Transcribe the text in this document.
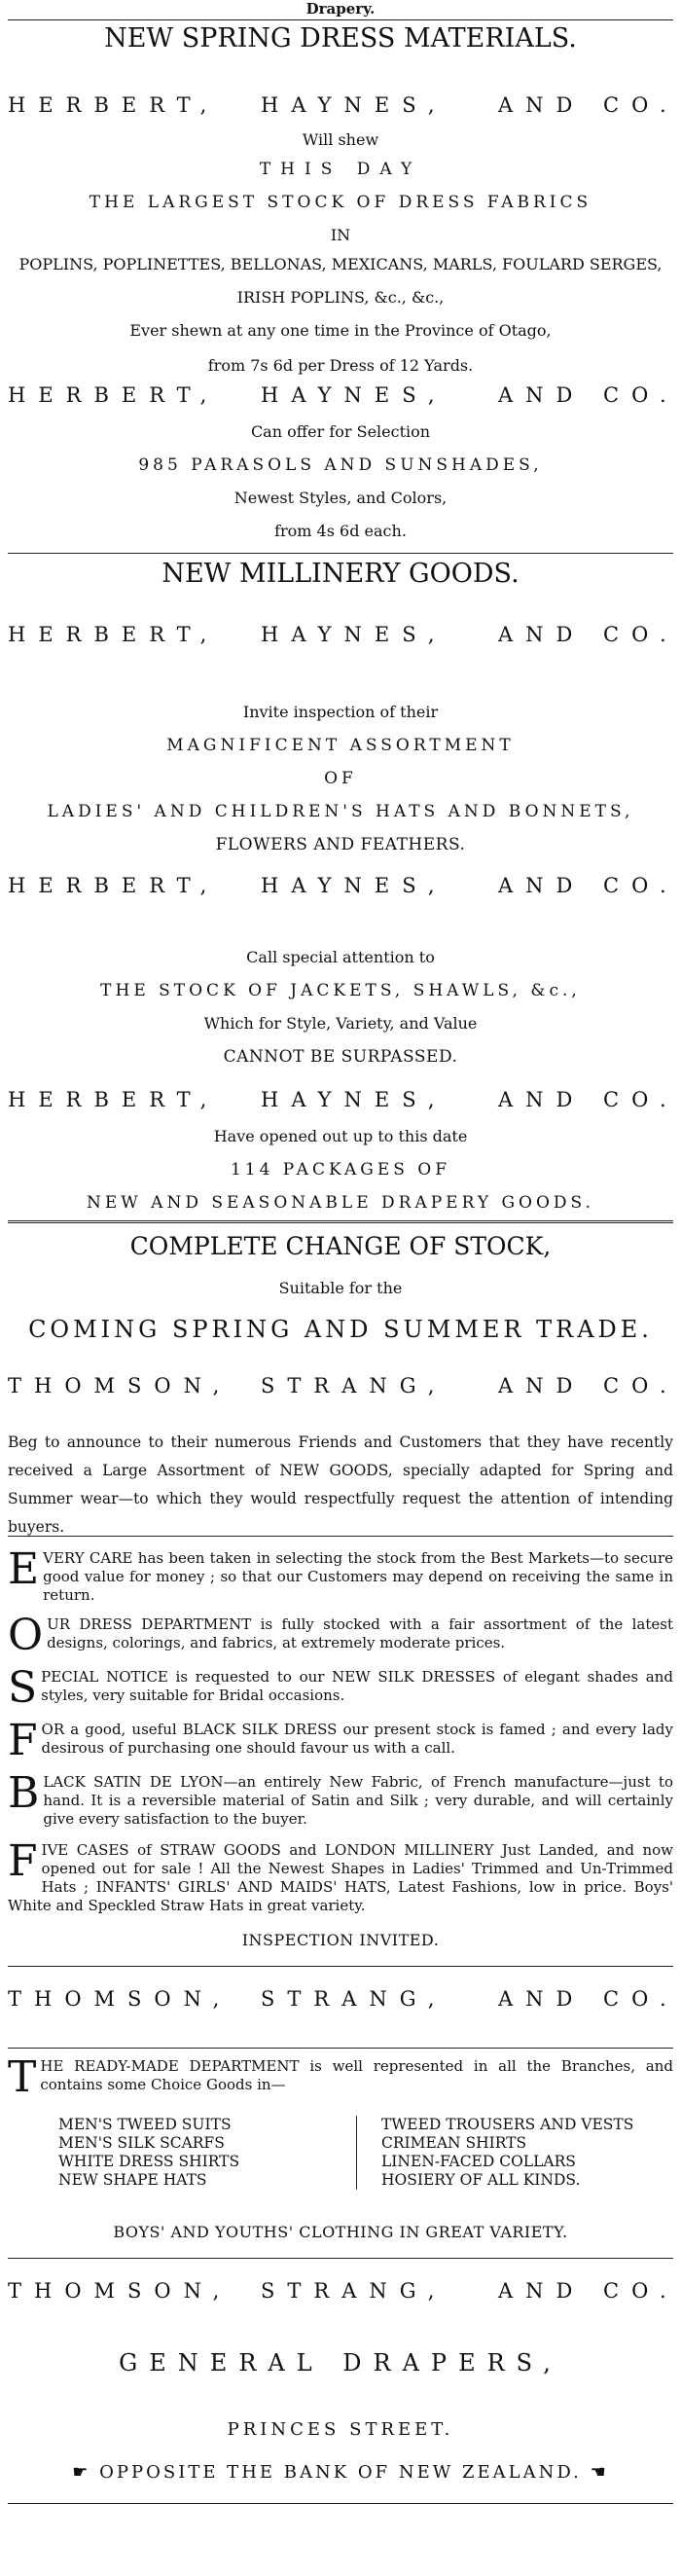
Drapery.
NEW SPRING DRESS MATERIALS.
HERBERT, HAYNES, AND CO.
Will shew
THIS DAY
THE LARGEST STOCK OF DRESS FABRICS
IN
POPLINS, POPLINETTES, BELLONAS, MEXICANS, MARLS, FOULARD SERGES,
IRISH POPLINS, &c., &c.,
Ever shewn at any one time in the Province of Otago,
from 7s 6d per Dress of 12 Yards.
HERBERT, HAYNES, AND CO.
Can offer for Selection
985 PARASOLS AND SUNSHADES,
Newest Styles, and Colors,
from 4s 6d each.
NEW MILLINERY GOODS.
HERBERT, HAYNES, AND CO.
Invite inspection of their
MAGNIFICENT ASSORTMENT
OF
LADIES' AND CHILDREN'S HATS AND BONNETS,
FLOWERS AND FEATHERS.
HERBERT, HAYNES, AND CO.
Call special attention to
THE STOCK OF JACKETS, SHAWLS, &c.,
Which for Style, Variety, and Value
CANNOT BE SURPASSED.
HERBERT, HAYNES, AND CO.
Have opened out up to this date
114 PACKAGES OF
NEW AND SEASONABLE DRAPERY GOODS.
COMPLETE CHANGE OF STOCK,
Suitable for the
COMING SPRING AND SUMMER TRADE.
THOMSON, STRANG,	AND CO.
Beg to announce to their numerous Friends and Customers that they have recently received a Large Assortment of NEW GOODS, specially adapted for Spring and Summer wear—to which they would respectfully request the attention of intending buyers.
EVERY CARE has been taken in selecting the stock from the Best Markets—to secure good value for money ; so that our Customers may depend on receiving the same in return.
OUR DRESS DEPARTMENT is fully stocked with a fair assortment of the latest designs, colorings, and fabrics, at extremely moderate prices.
SPECIAL NOTICE is requested to our NEW SILK DRESSES of elegant shades and styles, very suitable for Bridal occasions.
FOR a good, useful BLACK SILK DRESS our present stock is famed ; and every lady desirous of purchasing one should favour us with a call.
BLACK SATIN DE LYON—an entirely New Fabric, of French manufacture—just to hand. It is a reversible material of Satin and Silk ; very durable, and will certainly give every satisfaction to the buyer.
FIVE CASES of STRAW GOODS and LONDON MILLINERY Just Landed, and now opened out for sale ! All the Newest Shapes in Ladies' Trimmed and Un-Trimmed Hats ; INFANTS' GIRLS' AND MAIDS' HATS, Latest Fashions, low in price. Boys' White and Speckled Straw Hats in great variety.
INSPECTION INVITED.
THOMSON, STRANG,	AND CO.
THE READY-MADE DEPARTMENT is well represented in all the Branches, and contains some Choice Goods in—
MEN'S TWEED SUITS
MEN'S SILK SCARFS
WHITE DRESS SHIRTS
NEW SHAPE HATS
TWEED TROUSERS AND VESTS
CRIMEAN SHIRTS
LINEN-FACED COLLARS
HOSIERY OF ALL KINDS.
BOYS' AND YOUTHS' CLOTHING IN GREAT VARIETY.
THOMSON, STRANG,	AND CO.
GENERAL DRAPERS,
PRINCES STREET.
☛ OPPOSITE THE BANK OF NEW ZEALAND. ☚
